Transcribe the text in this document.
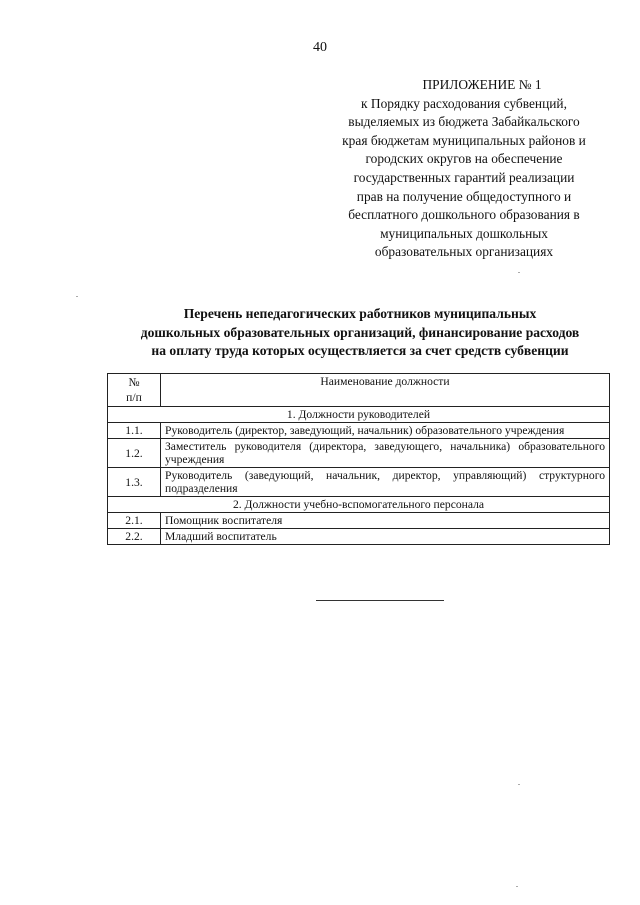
40
ПРИЛОЖЕНИЕ № 1
к Порядку расходования субвенций,
выделяемых из бюджета Забайкальского
края бюджетам муниципальных районов и
городских округов на обеспечение
государственных гарантий реализации
прав на получение общедоступного и
бесплатного дошкольного образования в
муниципальных дошкольных
образовательных организациях
Перечень непедагогических работников муниципальных
дошкольных образовательных организаций, финансирование расходов
на оплату труда которых осуществляется за счет средств субвенции
№
п/п	Наименование должности
1. Должности руководителей	
1.1.	Руководитель (директор, заведующий, начальник) образовательного учреждения
1.2.	Заместитель руководителя (директора, заведующего, начальника) образовательного учреждения
1.3.	Руководитель (заведующий, начальник, директор, управляющий) структурного подразделения
2. Должности учебно-вспомогательного персонала	
2.1.	Помощник воспитателя
2.2.	Младший воспитатель
